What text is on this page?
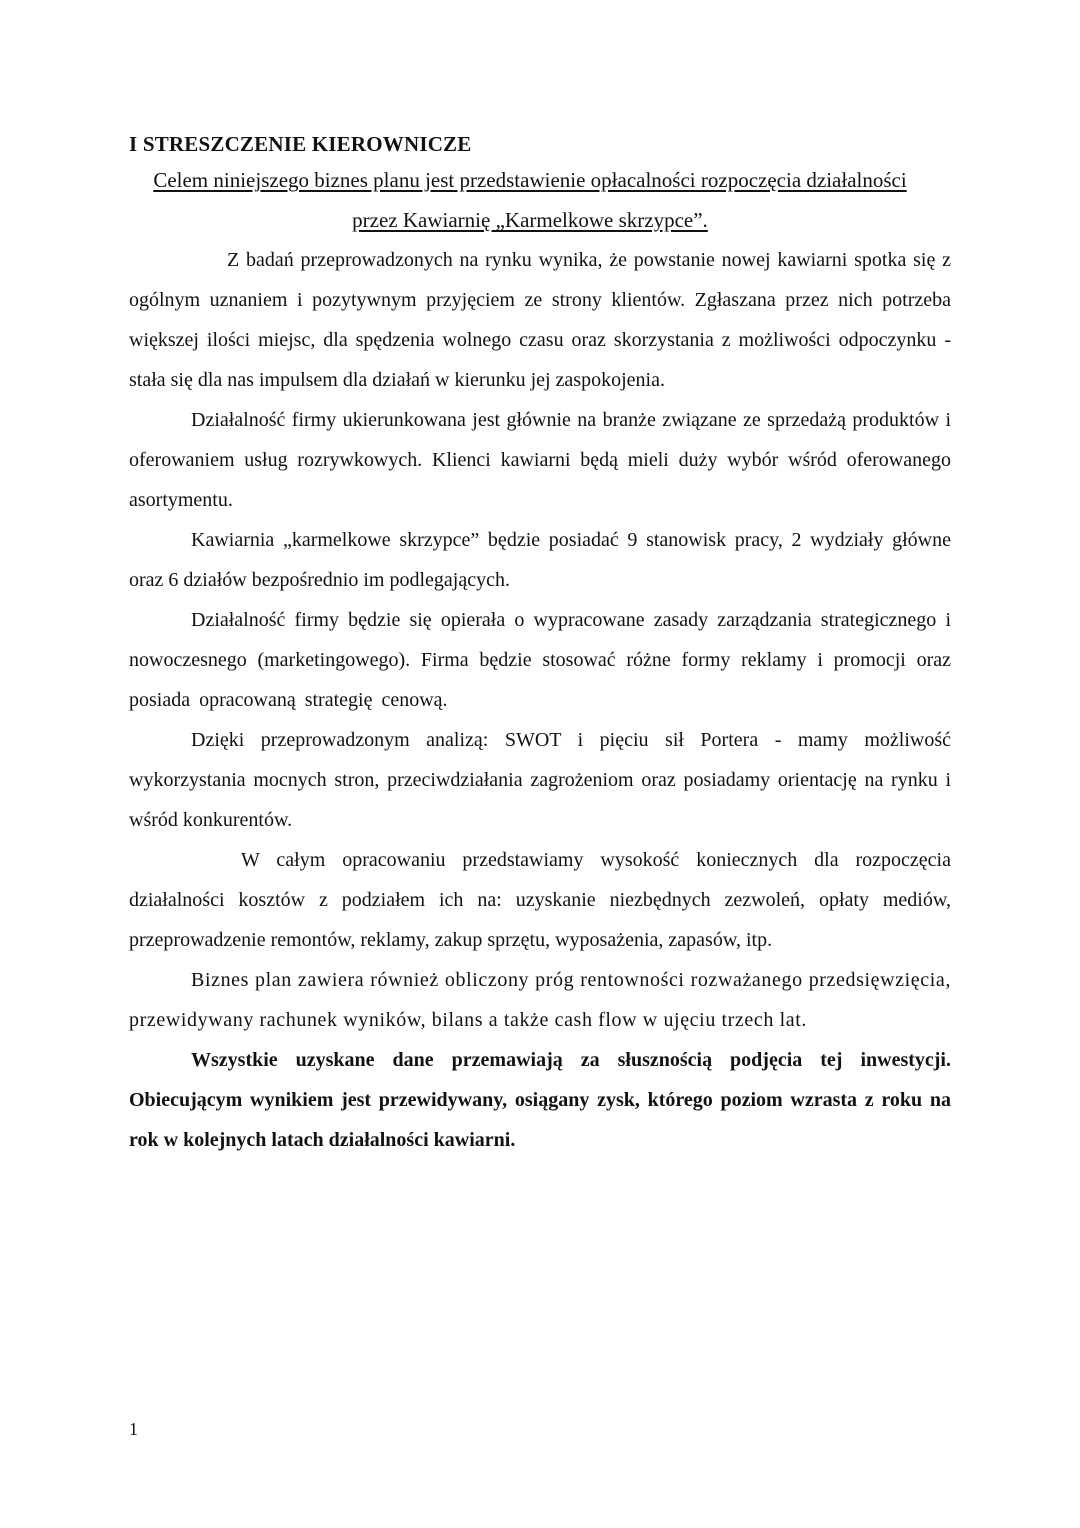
I STRESZCZENIE KIEROWNICZE
Celem niniejszego biznes planu jest przedstawienie opłacalności rozpoczęcia działalności
przez Kawiarnię „Karmelkowe skrzypce”.

Z badań przeprowadzonych na rynku wynika, że powstanie nowej kawiarni spotka się z ogólnym uznaniem i pozytywnym przyjęciem ze strony klientów. Zgłaszana przez nich potrzeba większej ilości miejsc, dla spędzenia wolnego czasu oraz skorzystania z możliwości odpoczynku - stała się dla nas impulsem dla działań w kierunku jej zaspokojenia.

Działalność firmy ukierunkowana jest głównie na branże związane ze sprzedażą produktów i oferowaniem usług rozrywkowych. Klienci kawiarni będą mieli duży wybór wśród oferowanego asortymentu.

Kawiarnia „karmelkowe skrzypce” będzie posiadać 9 stanowisk pracy, 2 wydziały główne oraz 6 działów bezpośrednio im podlegających.

Działalność firmy będzie się opierała o wypracowane zasady zarządzania strategicznego i nowoczesnego (marketingowego). Firma będzie stosować różne formy reklamy i promocji oraz posiada opracowaną strategię cenową.

Dzięki przeprowadzonym analizą: SWOT i pięciu sił Portera - mamy możliwość wykorzystania mocnych stron, przeciwdziałania zagrożeniom oraz posiadamy orientację na rynku i wśród konkurentów.

W całym opracowaniu przedstawiamy wysokość koniecznych dla rozpoczęcia działalności kosztów z podziałem ich na: uzyskanie niezbędnych zezwoleń, opłaty mediów, przeprowadzenie remontów, reklamy, zakup sprzętu, wyposażenia, zapasów, itp.

Biznes plan zawiera również obliczony próg rentowności rozważanego przedsięwzięcia, przewidywany rachunek wyników, bilans a także cash flow w ujęciu trzech lat.

Wszystkie uzyskane dane przemawiają za słusznością podjęcia tej inwestycji. Obiecującym wynikiem jest przewidywany, osiągany zysk, którego poziom wzrasta z roku na rok w kolejnych latach działalności kawiarni.

1
